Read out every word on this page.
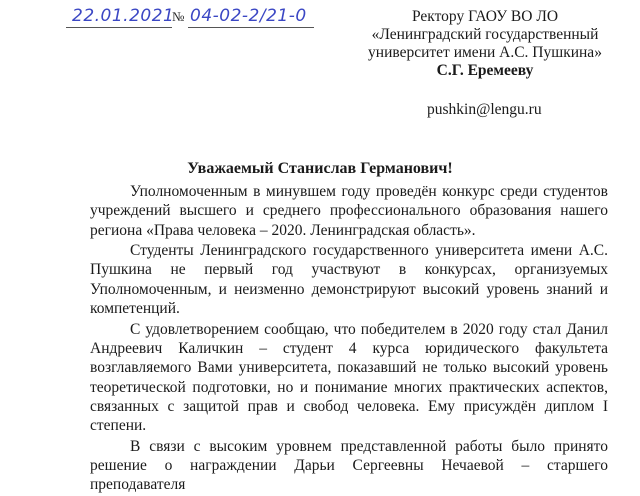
22.01.2021
№ 04-02-2/21-0	Ректору ГАОУ ВО ЛО
«Ленинградский государственный
университет имени А.С. Пушкина»
С.Г. Еремееву
pushkin@lengu.ru
Уважаемый Станислав Германович!

Уполномоченным в минувшем году проведён конкурс среди студентов учреждений высшего и среднего профессионального образования нашего региона «Права человека – 2020. Ленинградская область».

Студенты Ленинградского государственного университета имени А.С. Пушкина не первый год участвуют в конкурсах, организуемых Уполномоченным, и неизменно демонстрируют высокий уровень знаний и компетенций.

С удовлетворением сообщаю, что победителем в 2020 году стал Данил Андреевич Каличкин – студент 4 курса юридического факультета возглавляемого Вами университета, показавший не только высокий уровень теоретической подготовки, но и понимание многих практических аспектов, связанных с защитой прав и свобод человека. Ему присуждён диплом I степени.

В связи с высоким уровнем представленной работы было принято решение о награждении Дарьи Сергеевны Нечаевой – старшего преподавателя
